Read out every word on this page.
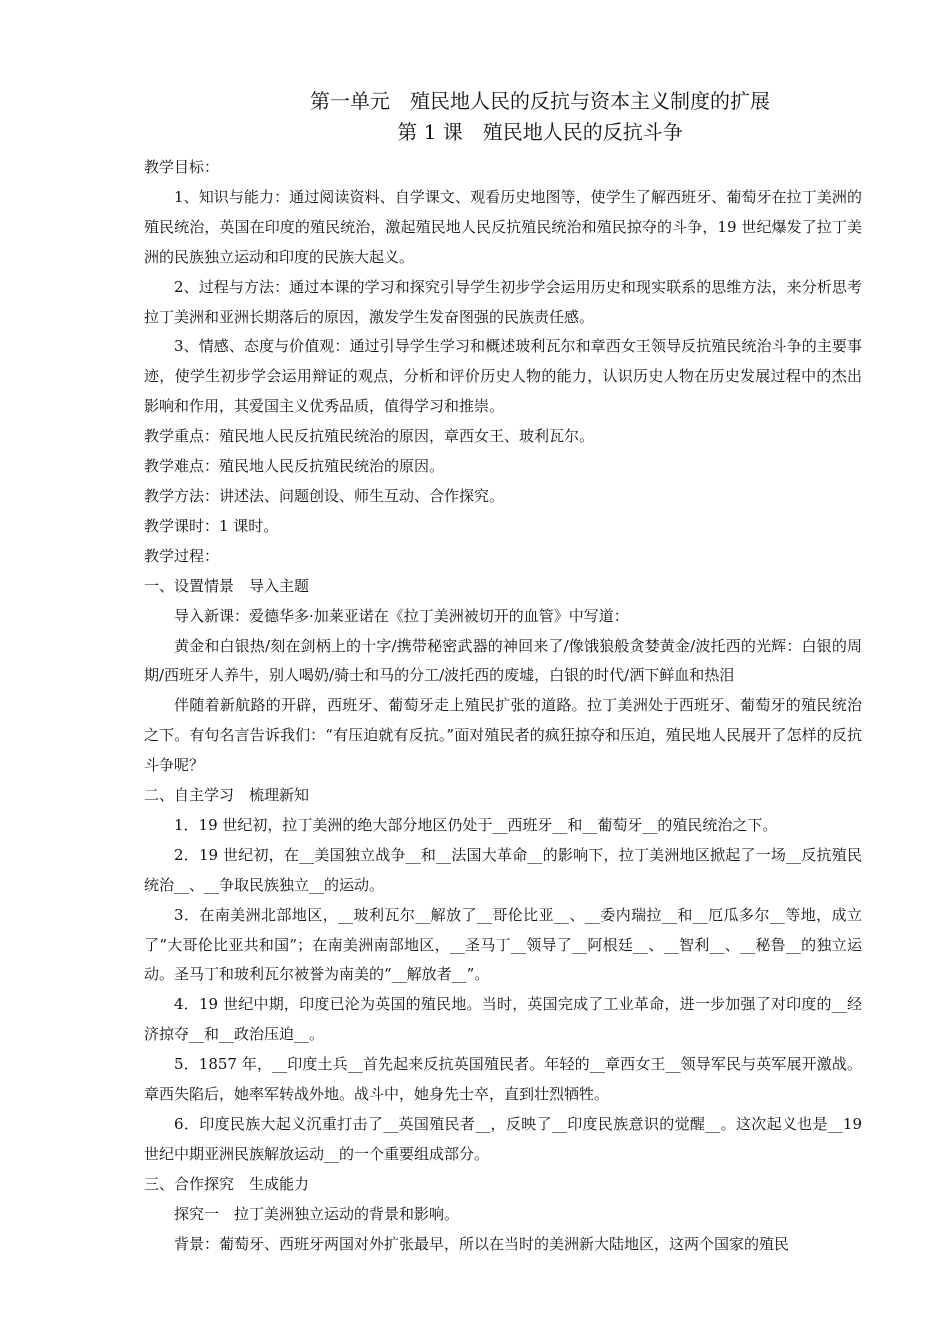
第一单元　殖民地人民的反抗与资本主义制度的扩展
第 1 课　殖民地人民的反抗斗争

教学目标：

1、知识与能力：通过阅读资料、自学课文、观看历史地图等，使学生了解西班牙、葡萄牙在拉丁美洲的殖民统治，英国在印度的殖民统治，激起殖民地人民反抗殖民统治和殖民掠夺的斗争，19 世纪爆发了拉丁美洲的民族独立运动和印度的民族大起义。

2、过程与方法：通过本课的学习和探究引导学生初步学会运用历史和现实联系的思维方法，来分析思考拉丁美洲和亚洲长期落后的原因，激发学生发奋图强的民族责任感。

3、情感、态度与价值观：通过引导学生学习和概述玻利瓦尔和章西女王领导反抗殖民统治斗争的主要事迹，使学生初步学会运用辩证的观点，分析和评价历史人物的能力，认识历史人物在历史发展过程中的杰出影响和作用，其爱国主义优秀品质，值得学习和推崇。

教学重点：殖民地人民反抗殖民统治的原因，章西女王、玻利瓦尔。

教学难点：殖民地人民反抗殖民统治的原因。

教学方法：讲述法、问题创设、师生互动、合作探究。

教学课时：1 课时。

教学过程：

一、设置情景　导入主题

导入新课：爱德华多·加莱亚诺在《拉丁美洲被切开的血管》中写道：

黄金和白银热/刻在剑柄上的十字/携带秘密武器的神回来了/像饿狼般贪婪黄金/波托西的光辉：白银的周期/西班牙人养牛，别人喝奶/骑士和马的分工/波托西的废墟，白银的时代/洒下鲜血和热泪

伴随着新航路的开辟，西班牙、葡萄牙走上殖民扩张的道路。拉丁美洲处于西班牙、葡萄牙的殖民统治之下。有句名言告诉我们：“有压迫就有反抗。”面对殖民者的疯狂掠夺和压迫，殖民地人民展开了怎样的反抗斗争呢？

二、自主学习　梳理新知

1．19 世纪初，拉丁美洲的绝大部分地区仍处于__西班牙__和__葡萄牙__的殖民统治之下。

2．19 世纪初，在__美国独立战争__和__法国大革命__的影响下，拉丁美洲地区掀起了一场__反抗殖民统治__、__争取民族独立__的运动。

3．在南美洲北部地区，__玻利瓦尔__解放了__哥伦比亚__、__委内瑞拉__和__厄瓜多尔__等地，成立了“大哥伦比亚共和国”；在南美洲南部地区，__圣马丁__领导了__阿根廷__、__智利__、__秘鲁__的独立运动。圣马丁和玻利瓦尔被誉为南美的“__解放者__”。

4．19 世纪中期，印度已沦为英国的殖民地。当时，英国完成了工业革命，进一步加强了对印度的__经济掠夺__和__政治压迫__。

5．1857 年，__印度土兵__首先起来反抗英国殖民者。年轻的__章西女王__领导军民与英军展开激战。章西失陷后，她率军转战外地。战斗中，她身先士卒，直到壮烈牺牲。

6．印度民族大起义沉重打击了__英国殖民者__，反映了__印度民族意识的觉醒__。这次起义也是__19 世纪中期亚洲民族解放运动__的一个重要组成部分。

三、合作探究　生成能力

探究一　拉丁美洲独立运动的背景和影响。

背景：葡萄牙、西班牙两国对外扩张最早，所以在当时的美洲新大陆地区，这两个国家的殖民
